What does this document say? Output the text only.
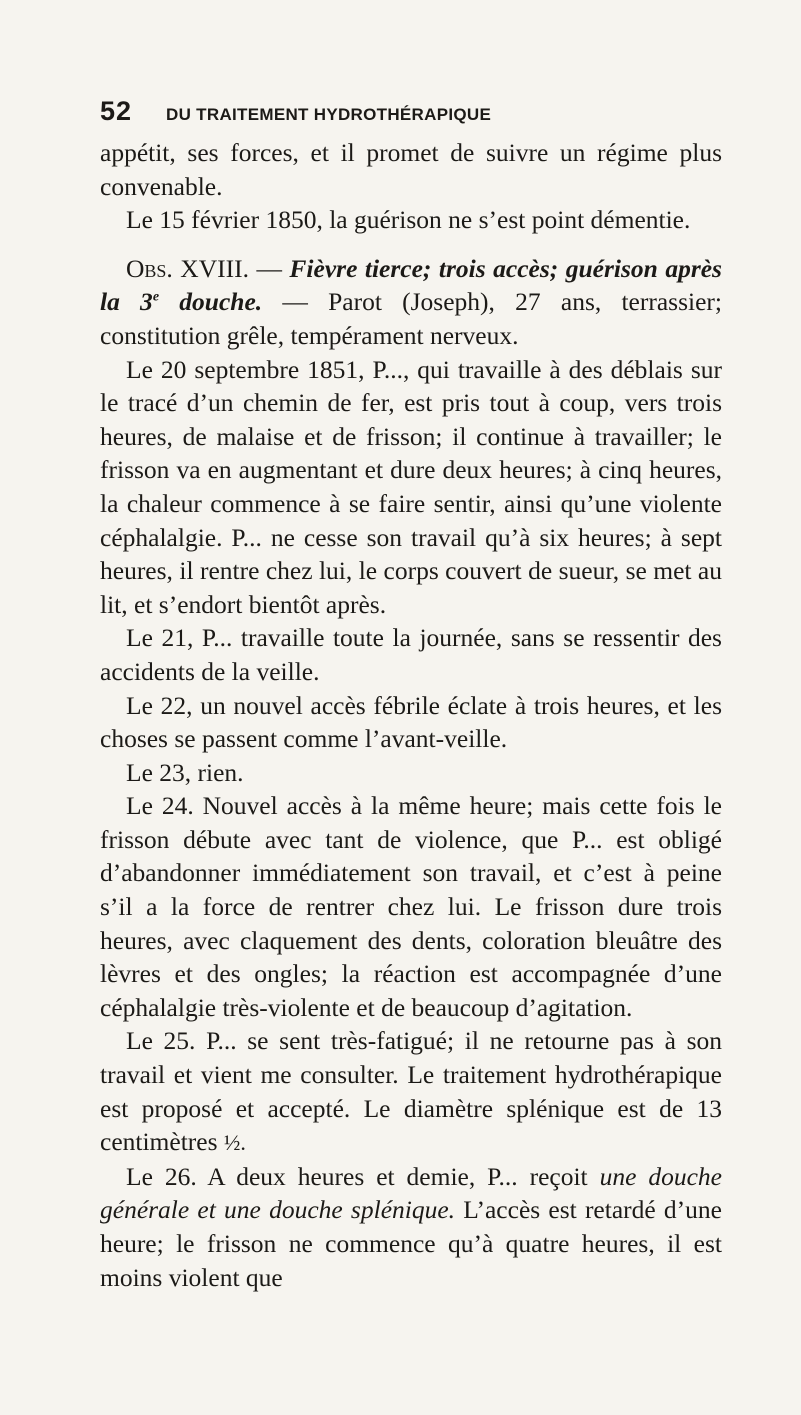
52	DU TRAITEMENT HYDROTHÉRAPIQUE

appétit, ses forces, et il promet de suivre un régime plus convenable.

Le 15 février 1850, la guérison ne s’est point démentie.

Obs. XVIII. — Fièvre tierce; trois accès; guérison après la 3e douche. — Parot (Joseph), 27 ans, terrassier; constitution grêle, tempérament nerveux.

Le 20 septembre 1851, P..., qui travaille à des déblais sur le tracé d’un chemin de fer, est pris tout à coup, vers trois heures, de malaise et de frisson; il continue à travailler; le frisson va en augmentant et dure deux heures; à cinq heures, la chaleur commence à se faire sentir, ainsi qu’une violente céphalalgie. P... ne cesse son travail qu’à six heures; à sept heures, il rentre chez lui, le corps couvert de sueur, se met au lit, et s’endort bientôt après.

Le 21, P... travaille toute la journée, sans se ressentir des accidents de la veille.

Le 22, un nouvel accès fébrile éclate à trois heures, et les choses se passent comme l’avant-veille.

Le 23, rien.

Le 24. Nouvel accès à la même heure; mais cette fois le frisson débute avec tant de violence, que P... est obligé d’abandonner immédiatement son travail, et c’est à peine s’il a la force de rentrer chez lui. Le frisson dure trois heures, avec claquement des dents, coloration bleuâtre des lèvres et des ongles; la réaction est accompagnée d’une céphalalgie très-violente et de beaucoup d’agitation.

Le 25. P... se sent très-fatigué; il ne retourne pas à son travail et vient me consulter. Le traitement hydrothérapique est proposé et accepté. Le diamètre splénique est de 13 centimètres ½.

Le 26. A deux heures et demie, P... reçoit une douche générale et une douche splénique. L’accès est retardé d’une heure; le frisson ne commence qu’à quatre heures, il est moins violent que
